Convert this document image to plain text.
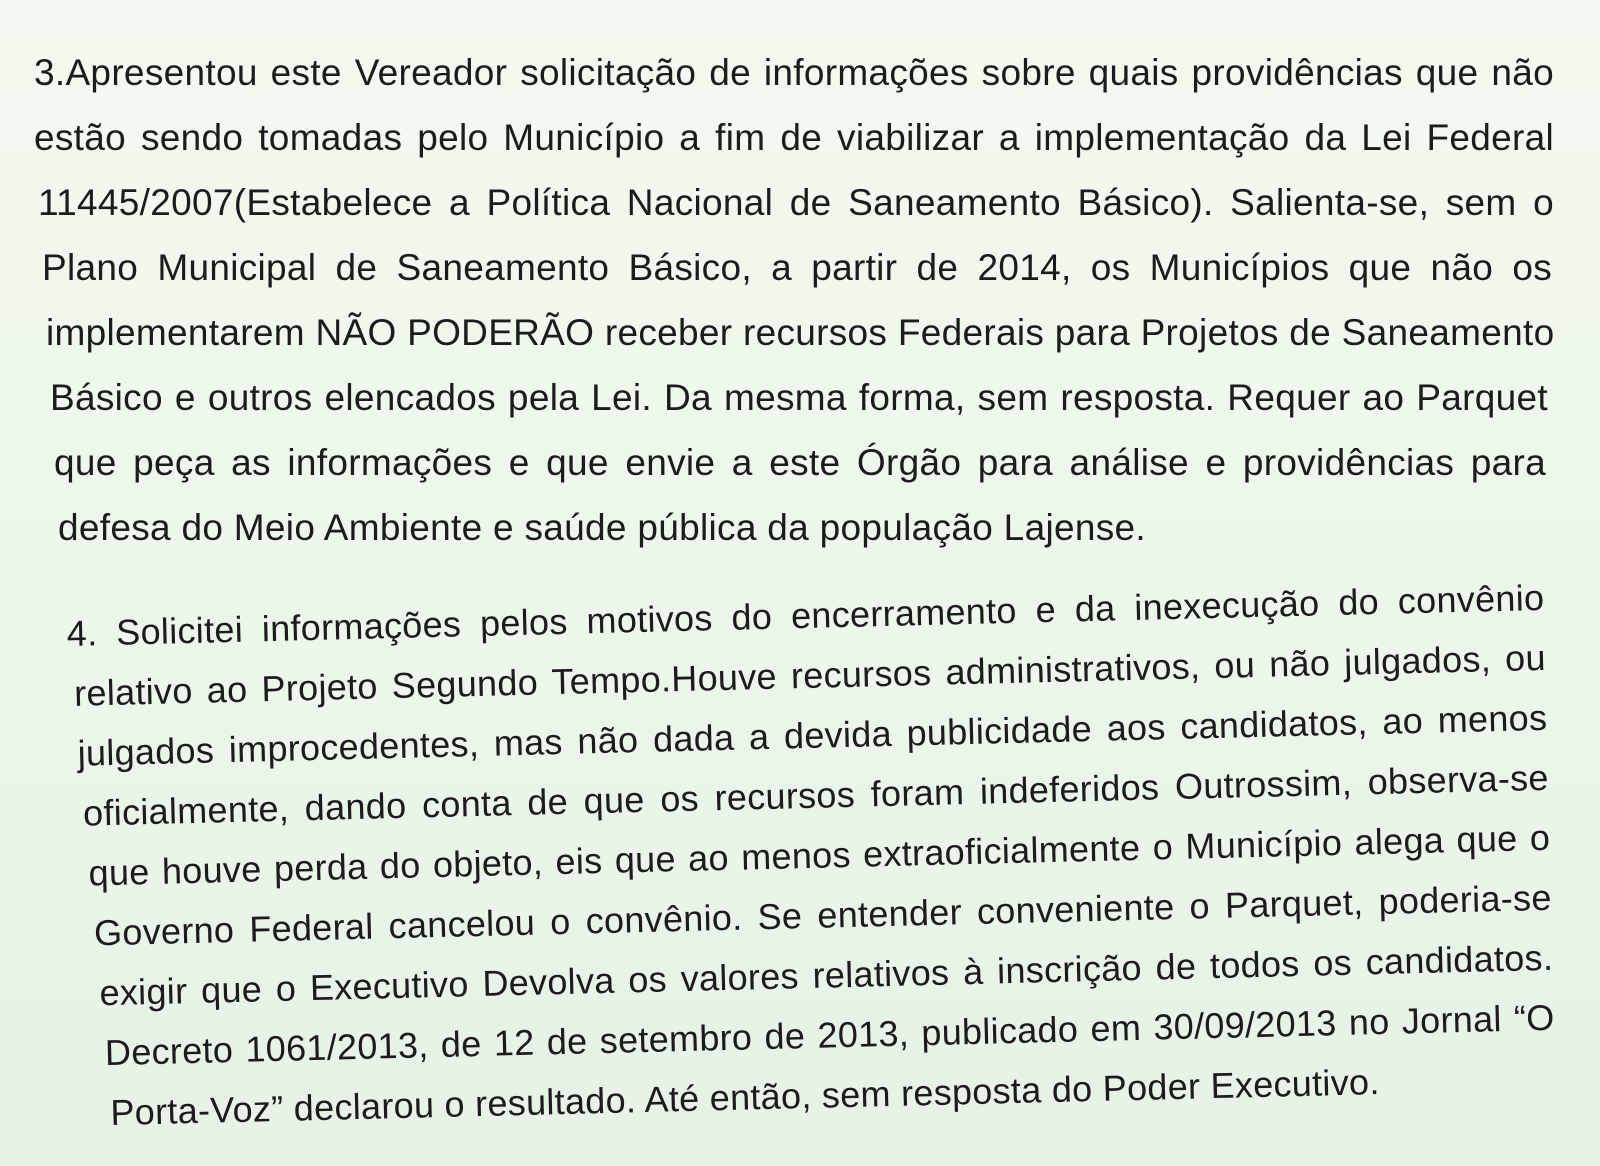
3.Apresentou este Vereador solicitação de informações sobre quais providências que não
estão sendo tomadas pelo Município a fim de viabilizar a implementação da Lei Federal
11445/2007(Estabelece a Política Nacional de Saneamento Básico). Salienta-se, sem o
Plano Municipal de Saneamento Básico, a partir de 2014, os Municípios que não os
implementarem NÃO PODERÃO receber recursos Federais para Projetos de Saneamento
Básico e outros elencados pela Lei. Da mesma forma, sem resposta. Requer ao Parquet
que peça as informações e que envie a este Órgão para análise e providências para
defesa do Meio Ambiente e saúde pública da população Lajense.

4. Solicitei informações pelos motivos do encerramento e da inexecução do convênio
relativo ao Projeto Segundo Tempo.Houve recursos administrativos, ou não julgados, ou
julgados improcedentes, mas não dada a devida publicidade aos candidatos, ao menos
oficialmente, dando conta de que os recursos foram indeferidos Outrossim, observa-se
que houve perda do objeto, eis que ao menos extraoficialmente o Município alega que o
Governo Federal cancelou o convênio. Se entender conveniente o Parquet, poderia-se
exigir que o Executivo Devolva os valores relativos à inscrição de todos os candidatos.
Decreto 1061/2013, de 12 de setembro de 2013, publicado em 30/09/2013 no Jornal “O
Porta-Voz” declarou o resultado. Até então, sem resposta do Poder Executivo.
